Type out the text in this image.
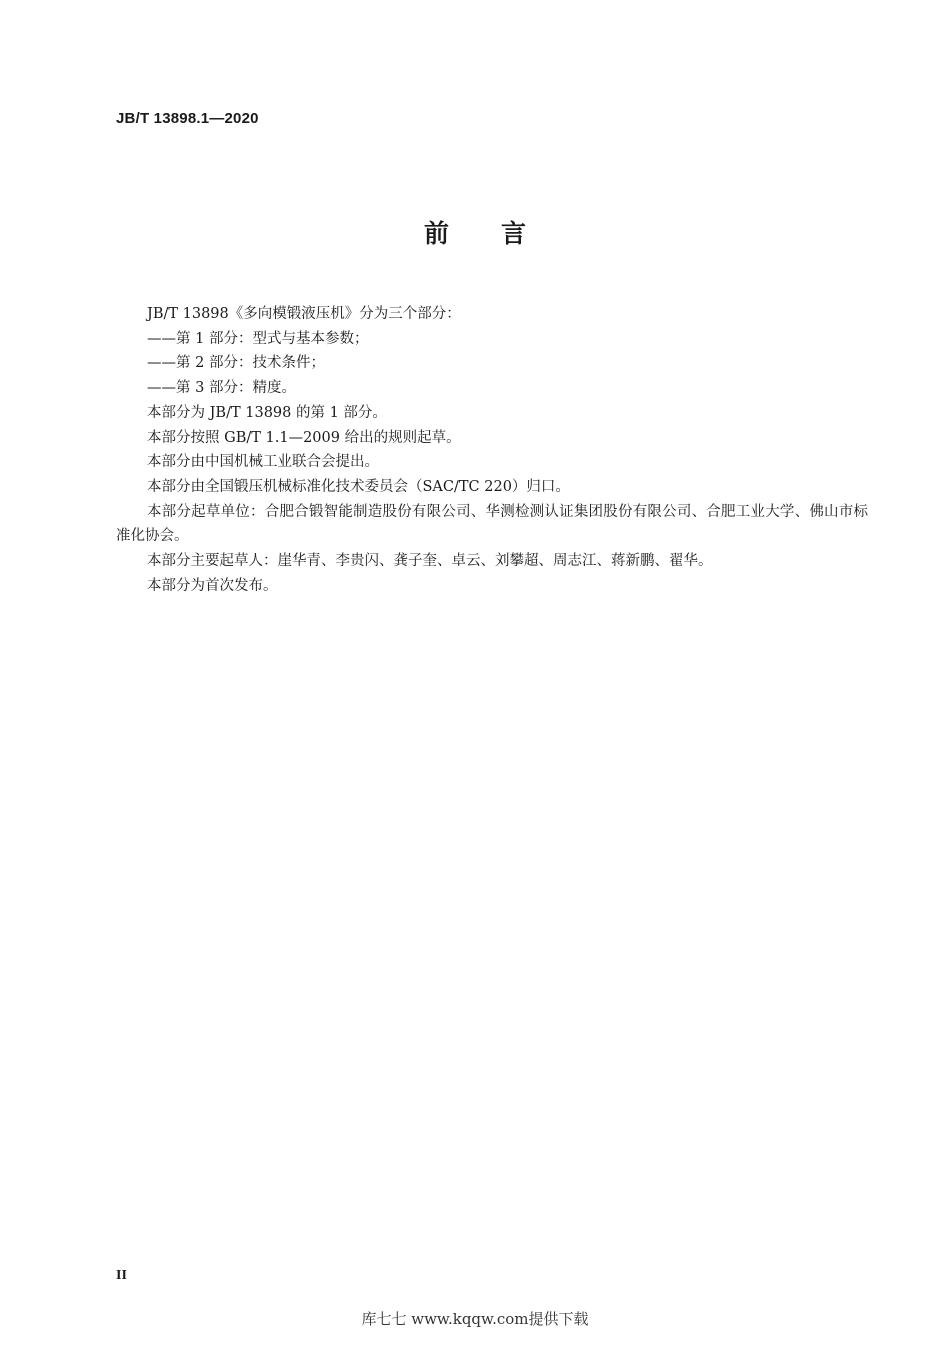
JB/T 13898.1—2020
前 言

JB/T 13898《多向模锻液压机》分为三个部分：

——第 1 部分：型式与基本参数；

——第 2 部分：技术条件；

——第 3 部分：精度。

本部分为 JB/T 13898 的第 1 部分。

本部分按照 GB/T 1.1—2009 给出的规则起草。

本部分由中国机械工业联合会提出。

本部分由全国锻压机械标准化技术委员会（SAC/TC 220）归口。

本部分起草单位：合肥合锻智能制造股份有限公司、华测检测认证集团股份有限公司、合肥工业大学、佛山市标准化协会。

本部分主要起草人：崖华青、李贵闪、龚子奎、卓云、刘攀超、周志江、蒋新鹏、翟华。

本部分为首次发布。

II
库七七 www.kqqw.com提供下载
